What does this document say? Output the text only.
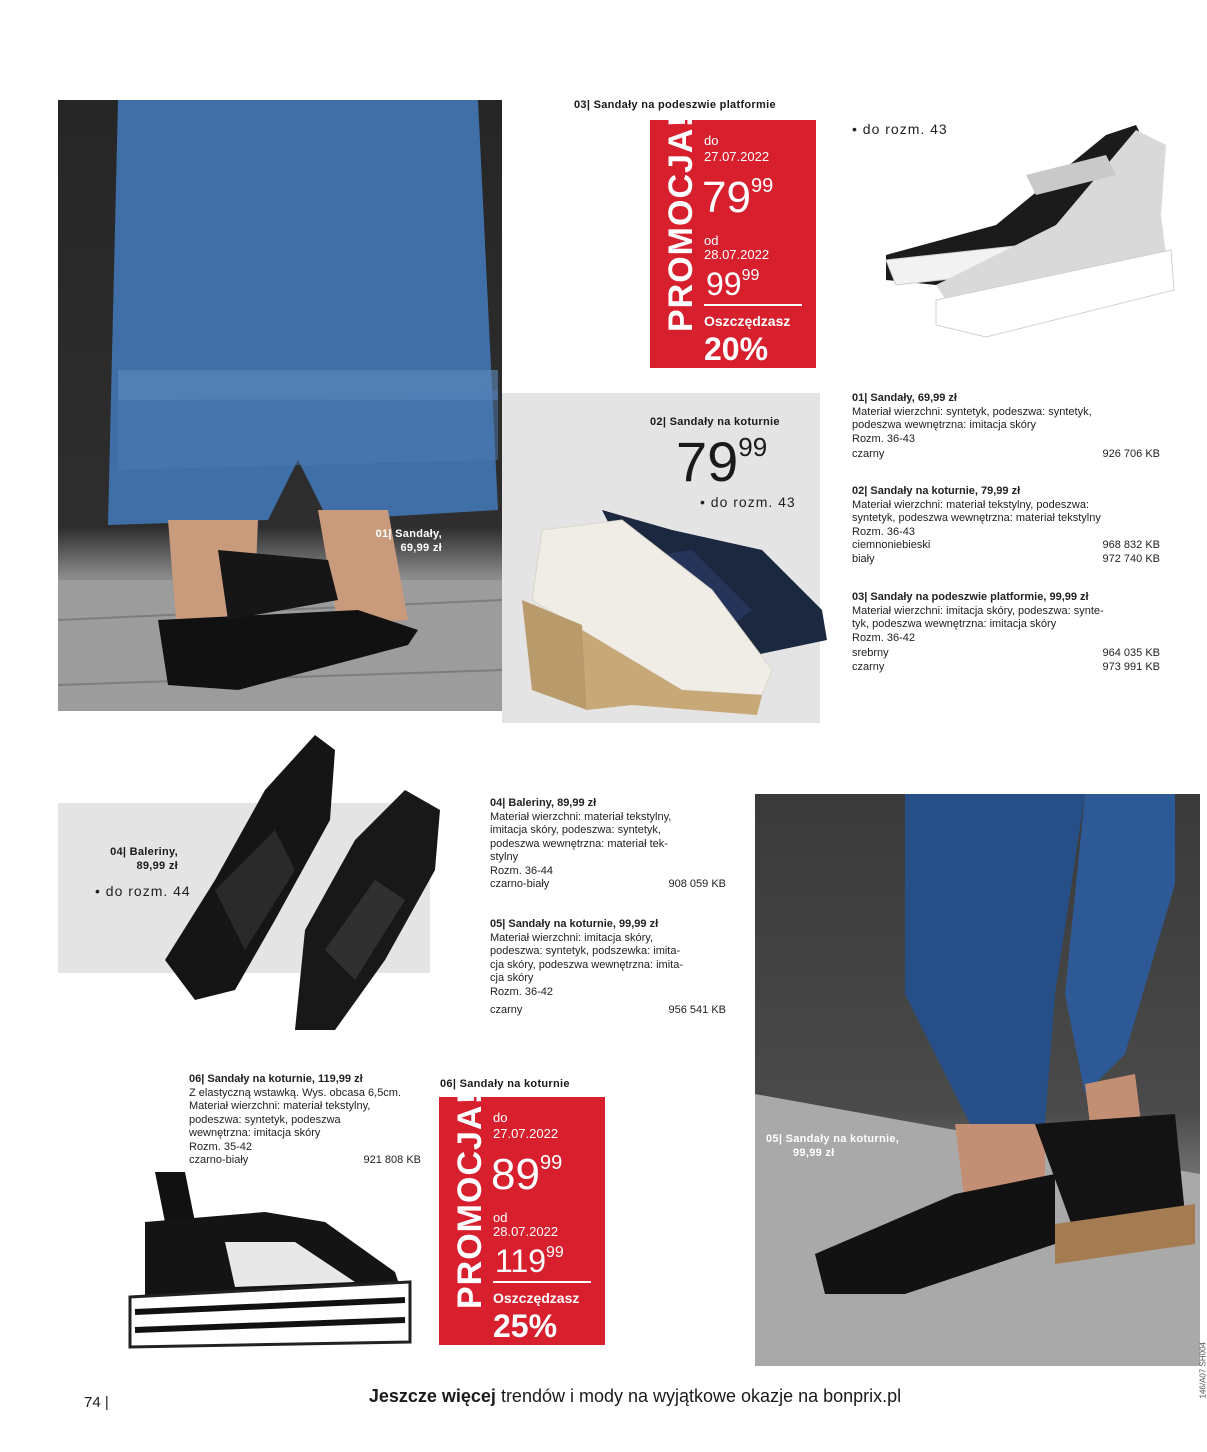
01| Sandały,
69,99 zł
03| Sandały na podeszwie platformie
PROMOCJA! do
27.07.2022
$79^{99}$
od
28.07.2022
$99^{99}$
Oszczędzasz
20%
• do rozm. 43
02| Sandały na koturnie
$79^{99}$
• do rozm. 43
01| Sandały, 69,99 zł
Materiał wierzchni: syntetyk, podeszwa: syntetyk,
podeszwa wewnętrzna: imitacja skóry
Rozm. 36-43
czarny	926 706 KB
02| Sandały na koturnie, 79,99 zł
Materiał wierzchni: materiał tekstylny, podeszwa:
syntetyk, podeszwa wewnętrzna: materiał tekstylny
Rozm. 36-43
ciemnoniebieski	968 832 KB
biały	972 740 KB
03| Sandały na podeszwie platformie, 99,99 zł
Materiał wierzchni: imitacja skóry, podeszwa: synte-
tyk, podeszwa wewnętrzna: imitacja skóry
Rozm. 36-42
srebrny	964 035 KB
czarny	973 991 KB
04| Baleriny,
89,99 zł
• do rozm. 44
04| Baleriny, 89,99 zł
Materiał wierzchni: materiał tekstylny,
imitacja skóry, podeszwa: syntetyk,
podeszwa wewnętrzna: materiał tek-
stylny
Rozm. 36-44
czarno-biały	908 059 KB
05| Sandały na koturnie, 99,99 zł
Materiał wierzchni: imitacja skóry,
podeszwa: syntetyk, podszewka: imita-
cja skóry, podeszwa wewnętrzna: imita-
cja skóry
Rozm. 36-42
czarny	956 541 KB
05| Sandały na koturnie,
99,99 zł
06| Sandały na koturnie, 119,99 zł
Z elastyczną wstawką. Wys. obcasa 6,5cm.
Materiał wierzchni: materiał tekstylny,
podeszwa: syntetyk, podeszwa
wewnętrzna: imitacja skóry
Rozm. 35-42
czarno-biały	921 808 KB
06| Sandały na koturnie
PROMOCJA! do
27.07.2022
$89^{99}$
od
28.07.2022
$119^{99}$
Oszczędzasz
25%
74 |	Jeszcze więcej trendów i mody na wyjątkowe okazje na bonprix.pl	146/A07 SH004
